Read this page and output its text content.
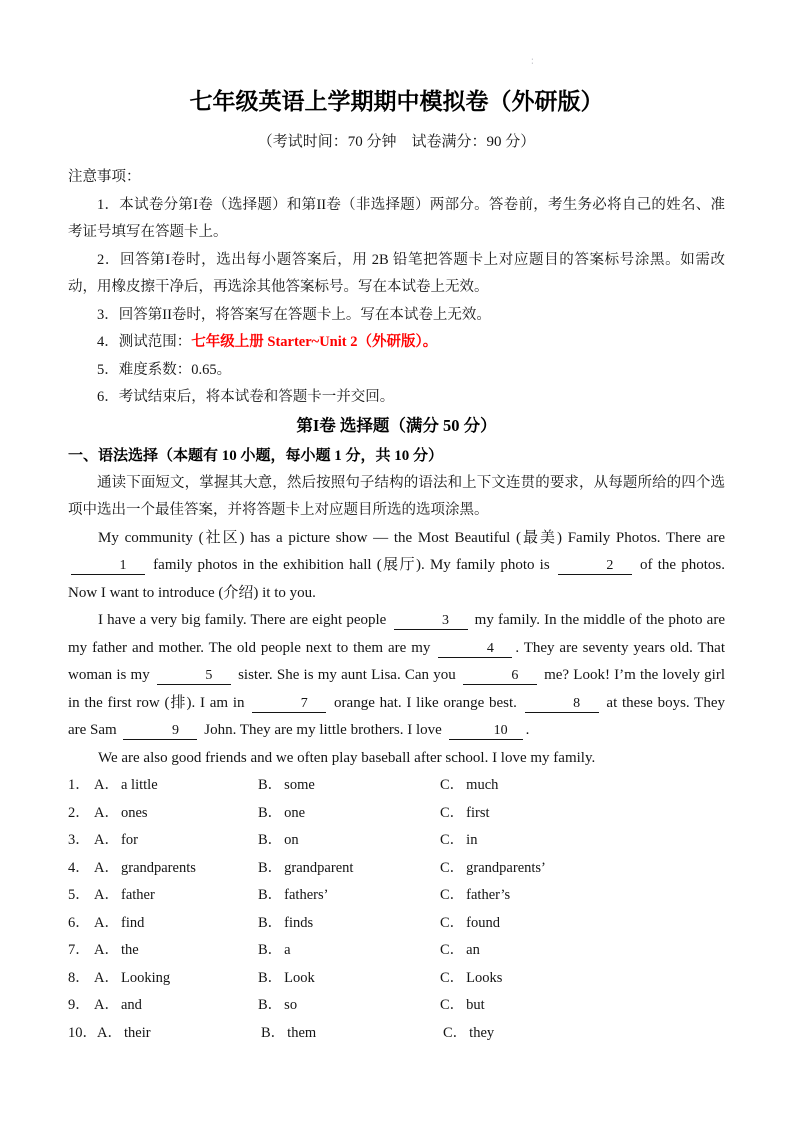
∶
七年级英语上学期期中模拟卷（外研版）

（考试时间：70 分钟　试卷满分：90 分）

注意事项：

1．本试卷分第I卷（选择题）和第II卷（非选择题）两部分。答卷前，考生务必将自己的姓名、准考证号填写在答题卡上。

2．回答第I卷时，选出每小题答案后，用 2B 铅笔把答题卡上对应题目的答案标号涂黑。如需改动，用橡皮擦干净后，再选涂其他答案标号。写在本试卷上无效。

3．回答第II卷时，将答案写在答题卡上。写在本试卷上无效。

4．测试范围：七年级上册 Starter~Unit 2（外研版）。

5．难度系数：0.65。

6．考试结束后，将本试卷和答题卡一并交回。

第I卷 选择题（满分 50 分）
一、语法选择（本题有 10 小题，每小题 1 分，共 10 分）

通读下面短文，掌握其大意，然后按照句子结构的语法和上下文连贯的要求，从每题所给的四个选项中选出一个最佳答案，并将答题卡上对应题目所选的选项涂黑。

My community (社区) has a picture show — the Most Beautiful (最美) Family Photos. There are 1 family photos in the exhibition hall (展厅). My family photo is	2 of the photos. Now I want to introduce (介绍) it to you.

I have a very big family. There are eight people	3 my family. In the middle of the photo are my father and mother. The old people next to them are my	4 . They are seventy years old. That woman is my	5 sister. She is my aunt Lisa. Can you	6 me? Look! I’m the lovely girl in the first row (排). I am in	7 orange hat. I like orange best.	8 at these boys. They are Sam	9 John. They are my little brothers. I love	10 .

We are also good friends and we often play baseball after school. I love my family.

1． A． a little	B． some	C． much
2． A． ones	B． one	C． first
3． A． for	B． on	C． in
4． A． grandparents	B． grandparent	C． grandparents’
5． A． father	B． fathers’	C． father’s
6． A． find	B． finds	C． found
7． A． the	B． a	C． an
8． A． Looking	B． Look	C． Looks
9． A． and	B． so	C． but
10． A． their	B． them	C． they
